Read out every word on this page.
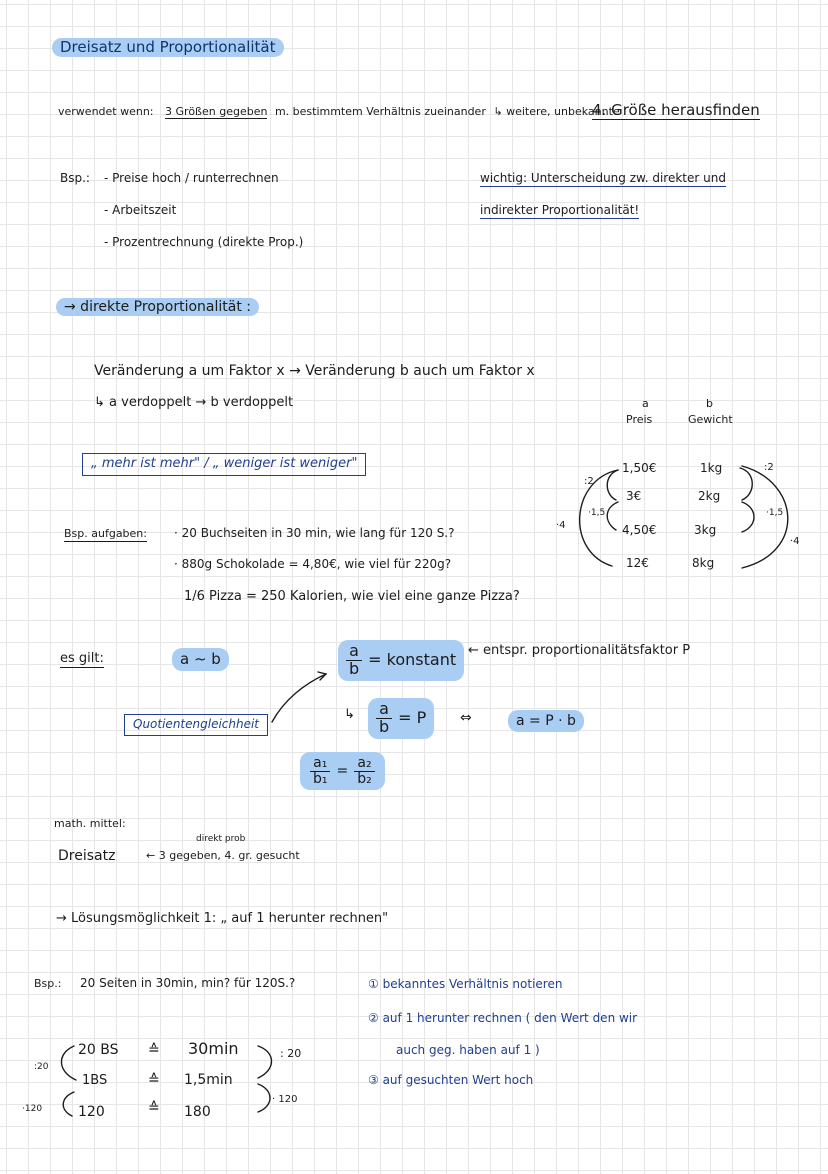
Dreisatz und Proportionalität
verwendet wenn: 3 Größen gegeben m. bestimmtem Verhältnis zueinander ↳ weitere, unbekannte
4. Größe herausfinden
Bsp.: - Preise hoch / runterrechnen
- Arbeitszeit
- Prozentrechnung (direkte Prop.)
wichtig: Unterscheidung zw. direkter und
indirekter Proportionalität!
→ direkte Proportionalität :
Veränderung a um Faktor x → Veränderung b auch um Faktor x
↳ a verdoppelt → b verdoppelt
„ mehr ist mehr" / „ weniger ist weniger"
a
Preis
b
Gewicht
1,50€	1kg
3€	2kg
4,50€	3kg
12€	8kg
:2
·1,5
·4
:2
·1,5
·4
Bsp. aufgaben: · 20 Buchseiten in 30 min, wie lang für 120 S.?
· 880g Schokolade = 4,80€, wie viel für 220g?
1/6 Pizza = 250 Kalorien, wie viel eine ganze Pizza?
es gilt:	a ∼ b	$\frac{a}{b}$ = konstant ← entspr. proportionalitätsfaktor P
↳ $\frac{a}{b} = P$ ⇔	a = P · b
Quotientengleichheit
$\frac{\text{a₁}}{\text{b₁}} = \frac{\text{a₂}}{\text{b₂}}$
math. mittel:
direkt prob
Dreisatz	← 3 gegeben, 4. gr. gesucht
→ Lösungsmöglichkeit 1: „ auf 1 herunter rechnen"
Bsp.: 20 Seiten in 30min, min? für 120S.?
20 BS ≙ 30min
1BS	≙ 1,5min
120	≙ 180
:20
·120
: 20
· 120
① bekanntes Verhältnis notieren
② auf 1 herunter rechnen ( den Wert den wir
auch geg. haben auf 1 )
③ auf gesuchten Wert hoch
